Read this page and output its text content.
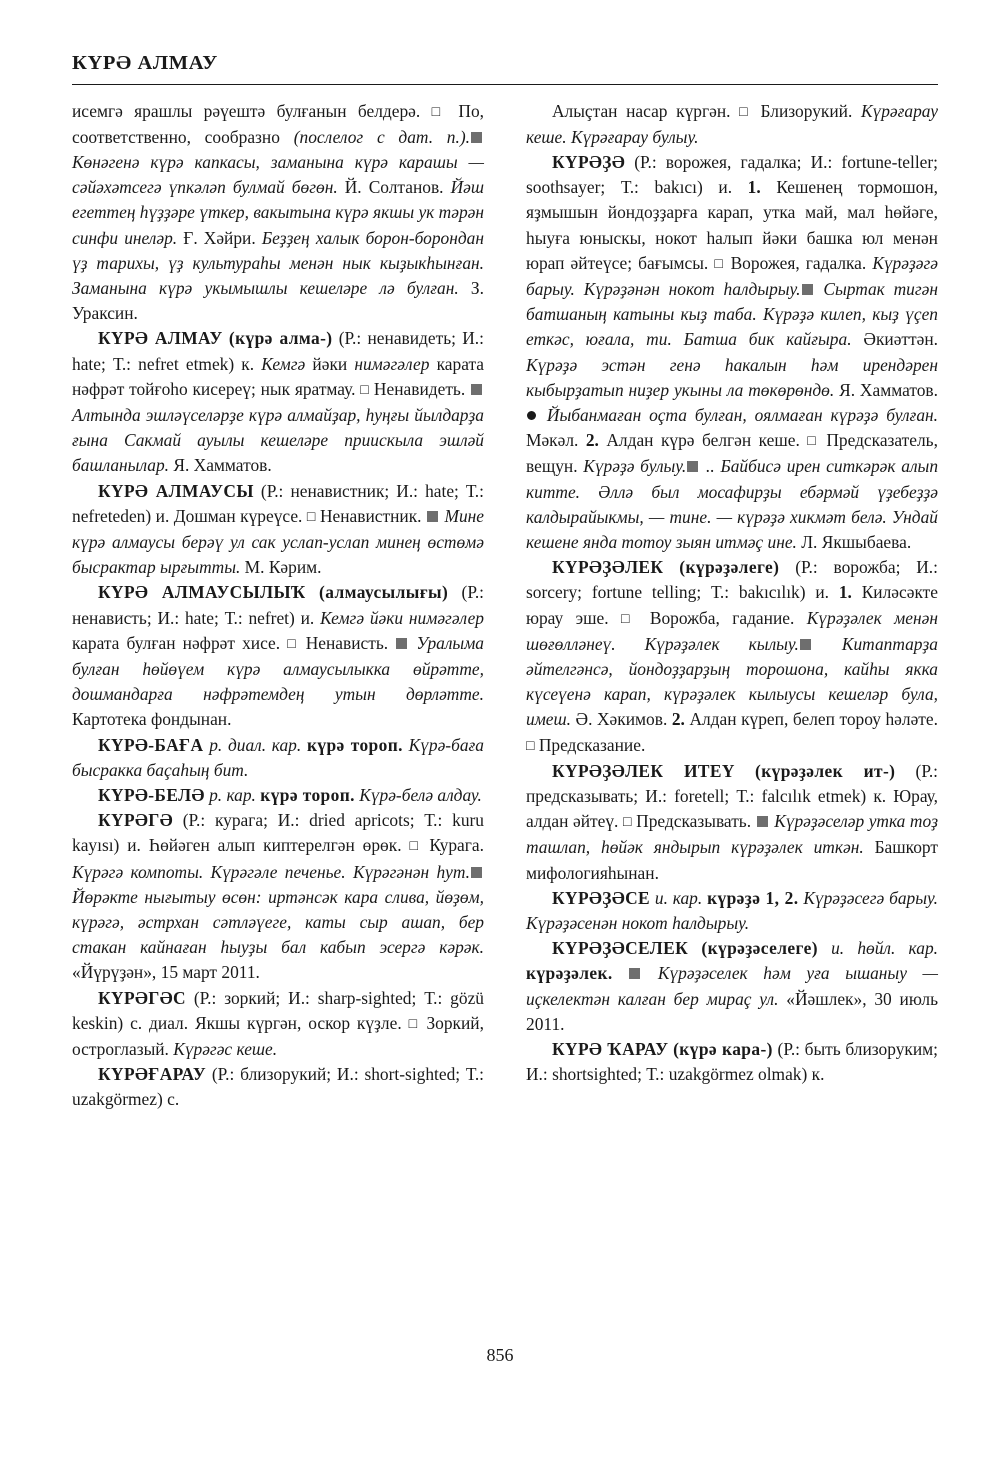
КҮРӘ АЛМАУ

исемгә ярашлы рәүештә булғанын белдерә. □ По, соответственно, сообразно (послелог с дат. п.). Көнәгенә күрә капкасы, заманына күрә карашы — сәйәхәтсегә үпкәләп булмай бөгөн. Й. Солтанов. Йәш егеттең һүҙҙәре үткер, вакытына күрә якшы ук тәрән синфи инеләр. Ғ. Хәйри. Беҙҙең халык борон-борондан үҙ тарихы, үҙ культураһы менән нык кыҙыкһынған. Заманына күрә укымышлы кешеләре лә булған. З. Ураксин.

КҮРӘ АЛМАУ (күрә алма-) (Р.: ненавидеть; И.: hate; Т.: nefret etmek) к. Кемгә йәки нимәгәлер карата нәфрәт тойғоһо кисереү; нык яратмау. □ Ненавидеть.  Алтында эшләүселәрҙе күрә алмайҙар, һуңғы йылдарҙа ғына Сакмай ауылы кешеләре приискыла эшләй башланылар. Я. Хамматов.

КҮРӘ АЛМАУСЫ (Р.: ненавистник; И.: hate; Т.: nefreteden) и. Дошман күреүсе. □ Ненавистник.  Мине күрә алмаусы берәү ул сак услап-услап минең өстөмә бысрактар ырғытты. М. Кәрим.

КҮРӘ АЛМАУСЫЛЫҠ (алмаусылығы) (Р.: ненависть; И.: hate; Т.: nefret) и. Кемгә йәки нимәгәлер карата булған нәфрәт хисе. □ Ненависть.  Уралыма булған һөйөүем күрә алмаусылыкка өйрәтте, дошмандарға нәфрәтемдең утын дөрләтте. Картотека фондынан.

КҮРӘ-БАҒА р. диал. кар. күрә тороп. Күрә-баға бысракка баçаһың бит.

КҮРӘ-БЕЛӘ р. кар. күрә тороп. Күрә-белә алдау.

КҮРӘГӘ (Р.: курага; И.: dried apricots; Т.: kuru kayısı) и. Һөйәген алып киптерелгән өрөк. □ Курага. Күрәгә компоты. Күрәгәле печенье. Күрәгәнән һут. Йөрәкте нығытыу өсөн: иртәнсәк кара слива, йөҙөм, күрәгә, әстрхан сәтләүеге, каты сыр ашап, бер стакан кайнаған һыуҙы бал кабып эсергә кәрәк. «Йүрүҙән», 15 март 2011.

КҮРӘГӘС (Р.: зоркий; И.: sharp-sighted; Т.: gözü keskin) с. диал. Якшы күргән, оскор күҙле. □ Зоркий, остроглазый. Күрәгәс кеше.

КҮРӘҒАРАУ (Р.: близорукий; И.: short-sighted; Т.: uzakgörmez) с.

Алыçтан насар күргән. □ Близорукий. Күрәғарау кеше. Күрәғарау булыу.

КҮРӘҘӘ (Р.: ворожея, гадалка; И.: fortune-teller; soothsayer; Т.: bakıcı) и. 1. Кешенең тормошон, яҙмышын йондоҙҙарға карап, утка май, мал һөйәге, һыуға юныскы, нокот һалып йәки башка юл менән юрап әйтеүсе; бағымсы. □ Ворожея, гадалка. Күрәҙәгә барыу. Күрәҙәнән нокот һалдырыу. Сыртак тигән батшаның катыны кыҙ таба. Күрәҙә килеп, кыҙ үçеп еткәс, юғала, ти. Батша бик кайғыра. Әкиәттән. Күрәҙә эстән генә һакалын һәм ирендәрен кыбырҙатып ниҙер укыны ла төкөрөндө. Я. Хамматов.  Йыбанмаған оçта булған, оялмаған күрәҙә булған. Мәкәл. 2. Алдан күрә белгән кеше. □ Предсказатель, вещун. Күрәҙә булыу. .. Байбисә ирен ситкәрәк алып китте. Әллә был мосафирҙы ебәрмәй үҙебеҙҙә калдырайыкмы, — тине. — күрәҙә хикмәт белә. Ундай кешене янда тотоу зыян итмәç ине. Л. Якшыбаева.

КҮРӘҘӘЛЕК (күрәҙәлеге) (Р.: ворожба; И.: sorcery; fortune telling; Т.: bakıcılık) и. 1. Киләсәкте юрау эше. □ Ворожба, гадание. Күрәҙәлек менән шөғөлләнеү. Күрәҙәлек кылыу. Китаптарҙа әйтелгәнсә, йондоҙҙарҙың торошона, кайһы якка күсеүенә карап, күрәҙәлек кылыусы кешеләр була, имеш. Ә. Хәкимов. 2. Алдан күреп, белеп тороу һәләте. □ Предсказание.

КҮРӘҘӘЛЕК ИТЕҮ (күрәҙәлек ит-) (Р.: предсказывать; И.: foretell; Т.: falcılık etmek) к. Юрау, алдан әйтеү. □ Предсказывать.  Күрәҙәселәр утка тоҙ ташлап, һөйәк яндырып күрәҙәлек иткән. Башкорт мифологияһынан.

КҮРӘҘӘСЕ и. кар. күрәҙә 1, 2. Күрәҙәсегә барыу. Күрәҙәсенән нокот һалдырыу.

КҮРӘҘӘСЕЛЕК (күрәҙәселеге) и. һөйл. кар. күрәҙәлек.  Күрәҙәселек һәм уға ышаныу — иçкелектән калған бер мираç ул. «Йәшлек», 30 июль 2011.

КҮРӘ ҠАРАУ (күрә кара-) (Р.: быть близоруким; И.: shortsighted; Т.: uzakgörmez olmak) к.

856
